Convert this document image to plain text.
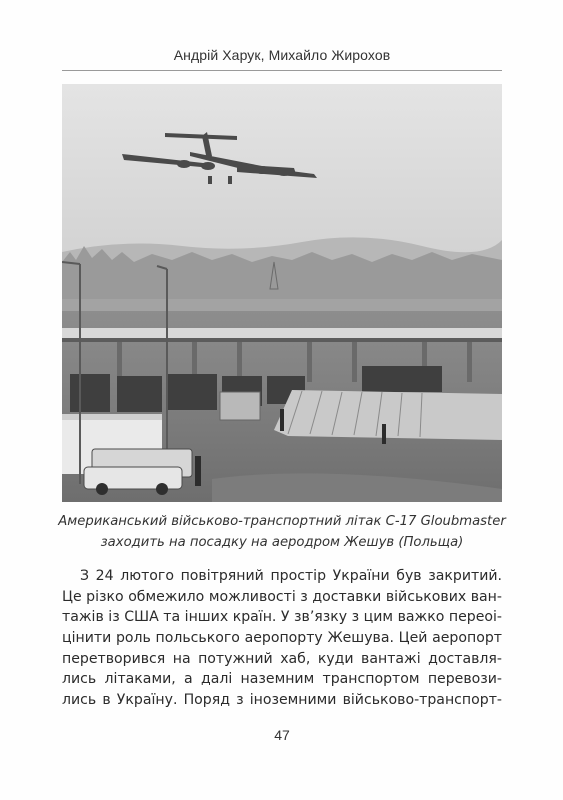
Андрій Харук, Михайло Жирохов
Американський військово-транспортний літак C-17 Gloubmaster
заходить на посадку на аеродром Жешув (Польща)
З 24 лютого повітряний простір України був закритий.
Це різко обмежило можливості з доставки військових ван-
тажів із США та інших країн. У зв’язку з цим важко переоі-
цінити роль польського аеропорту Жешува. Цей аеропорт
перетворився на потужний хаб, куди вантажі доставля-
лись літаками, а далі наземним транспортом перевози-
лись в Україну. Поряд з іноземними військово-транспорт-
47
